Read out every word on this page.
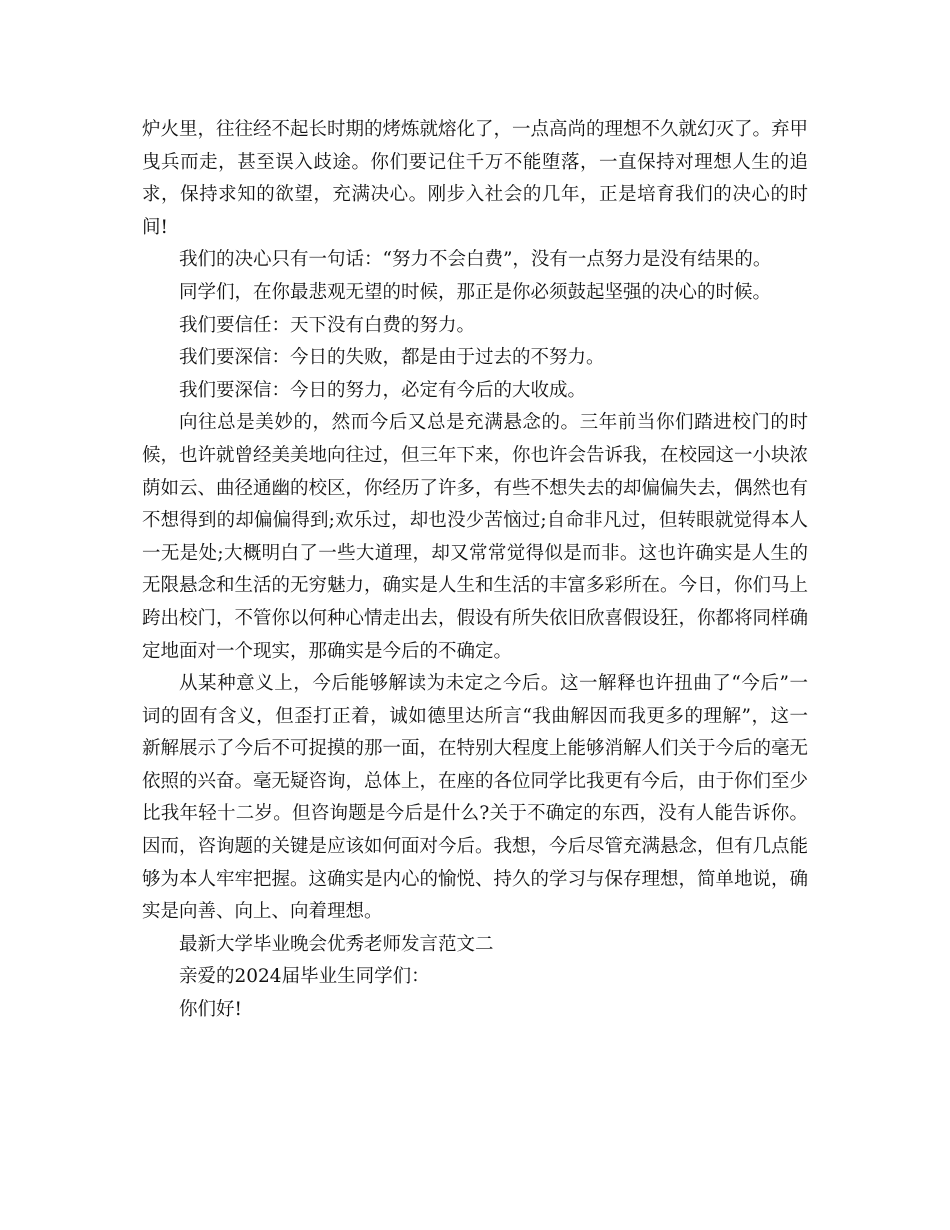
炉火里，往往经不起长时期的烤炼就熔化了，一点高尚的理想不久就幻灭了。弃甲曳兵而走，甚至误入歧途。你们要记住千万不能堕落，一直保持对理想人生的追求，保持求知的欲望，充满决心。刚步入社会的几年，正是培育我们的决心的时间!

我们的决心只有一句话：“努力不会白费”，没有一点努力是没有结果的。

同学们，在你最悲观无望的时候，那正是你必须鼓起坚强的决心的时候。

我们要信任：天下没有白费的努力。

我们要深信：今日的失败，都是由于过去的不努力。

我们要深信：今日的努力，必定有今后的大收成。

向往总是美妙的，然而今后又总是充满悬念的。三年前当你们踏进校门的时候，也许就曾经美美地向往过，但三年下来，你也许会告诉我，在校园这一小块浓荫如云、曲径通幽的校区，你经历了许多，有些不想失去的却偏偏失去，偶然也有不想得到的却偏偏得到;欢乐过，却也没少苦恼过;自命非凡过，但转眼就觉得本人一无是处;大概明白了一些大道理，却又常常觉得似是而非。这也许确实是人生的无限悬念和生活的无穷魅力，确实是人生和生活的丰富多彩所在。今日，你们马上跨出校门，不管你以何种心情走出去，假设有所失依旧欣喜假设狂，你都将同样确定地面对一个现实，那确实是今后的不确定。

从某种意义上，今后能够解读为未定之今后。这一解释也许扭曲了“今后”一词的固有含义，但歪打正着，诚如德里达所言“我曲解因而我更多的理解”，这一新解展示了今后不可捉摸的那一面，在特别大程度上能够消解人们关于今后的毫无依照的兴奋。毫无疑咨询，总体上，在座的各位同学比我更有今后，由于你们至少比我年轻十二岁。但咨询题是今后是什么?关于不确定的东西，没有人能告诉你。因而，咨询题的关键是应该如何面对今后。我想，今后尽管充满悬念，但有几点能够为本人牢牢把握。这确实是内心的愉悦、持久的学习与保存理想，简单地说，确实是向善、向上、向着理想。

最新大学毕业晚会优秀老师发言范文二

亲爱的2024届毕业生同学们：

你们好!
